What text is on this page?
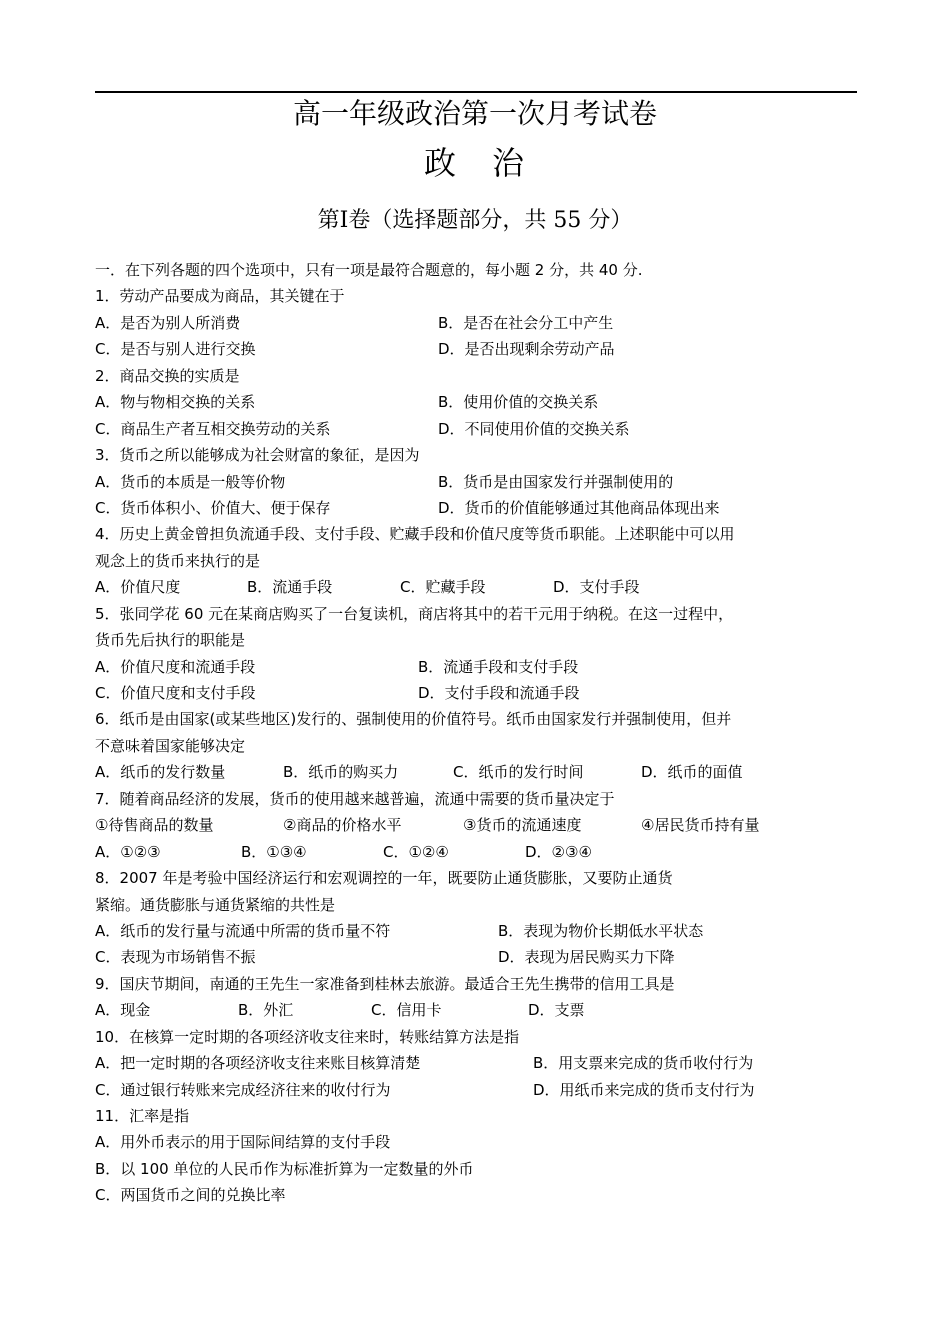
高一年级政治第一次月考试卷
政　治
第Ⅰ卷（选择题部分，共 55 分）
一．在下列各题的四个选项中，只有一项是最符合题意的，每小题 2 分，共 40 分.
1．劳动产品要成为商品，其关键在于
A．是否为别人所消费	B．是否在社会分工中产生
C．是否与别人进行交换	D．是否出现剩余劳动产品
2．商品交换的实质是
A．物与物相交换的关系	B．使用价值的交换关系
C．商品生产者互相交换劳动的关系	D．不同使用价值的交换关系
3．货币之所以能够成为社会财富的象征，是因为
A．货币的本质是一般等价物	B．货币是由国家发行并强制使用的
C．货币体积小、价值大、便于保存	D．货币的价值能够通过其他商品体现出来
4．历史上黄金曾担负流通手段、支付手段、贮藏手段和价值尺度等货币职能。上述职能中可以用
观念上的货币来执行的是
A．价值尺度	B．流通手段	C．贮藏手段	D．支付手段
5．张同学花 60 元在某商店购买了一台复读机，商店将其中的若干元用于纳税。在这一过程中，
货币先后执行的职能是
A．价值尺度和流通手段	B．流通手段和支付手段
C．价值尺度和支付手段	D．支付手段和流通手段
6．纸币是由国家(或某些地区)发行的、强制使用的价值符号。纸币由国家发行并强制使用，但并
不意味着国家能够决定
A．纸币的发行数量	B．纸币的购买力	C．纸币的发行时间	D．纸币的面值
7．随着商品经济的发展，货币的使用越来越普遍，流通中需要的货币量决定于
①待售商品的数量	②商品的价格水平	③货币的流通速度	④居民货币持有量
A．①②③	B．①③④	C．①②④	D．②③④
8．2007 年是考验中国经济运行和宏观调控的一年，既要防止通货膨胀，又要防止通货
紧缩。通货膨胀与通货紧缩的共性是
A．纸币的发行量与流通中所需的货币量不符	B．表现为物价长期低水平状态
C．表现为市场销售不振	D．表现为居民购买力下降
9．国庆节期间，南通的王先生一家准备到桂林去旅游。最适合王先生携带的信用工具是
A．现金	B．外汇	C．信用卡	D．支票
10．在核算一定时期的各项经济收支往来时，转账结算方法是指
A．把一定时期的各项经济收支往来账目核算清楚	B．用支票来完成的货币收付行为
C．通过银行转账来完成经济往来的收付行为	D．用纸币来完成的货币支付行为
11．汇率是指
A．用外币表示的用于国际间结算的支付手段
B．以 100 单位的人民币作为标准折算为一定数量的外币
C．两国货币之间的兑换比率
